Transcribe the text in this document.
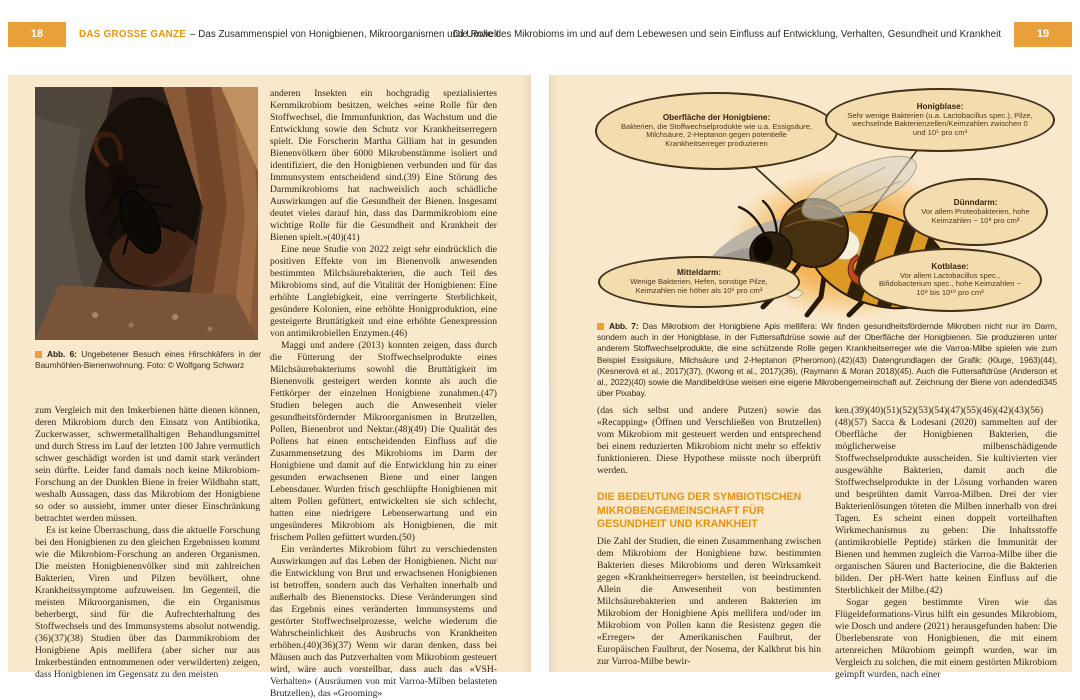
18	DAS GROSSE GANZE – Das Zusammenspiel von Honigbienen, Mikroorganismen und Umwelt
Die Rolle des Mikrobioms im und auf dem Lebewesen und sein Einfluss auf Entwicklung, Verhalten, Gesundheit und Krankheit	19
Abb. 6: Ungebetener Besuch eines Hirschkäfers in der Baumhöhlen-Bienenwohnung. Foto: © Wolfgang Schwarz

zum Vergleich mit den Imkerbienen hätte dienen können, deren Mikrobiom durch den Einsatz von Antibiotika, Zuckerwasser, schwermetallhaltigen Behandlungsmittel und durch Stress im Lauf der letzten 100 Jahre vermutlich schwer geschädigt worden ist und damit stark verändert sein dürfte. Leider fand damals noch keine Mikrobiom-Forschung an der Dunklen Biene in freier Wildbahn statt, weshalb Aussagen, dass das Mikrobiom der Honigbiene so oder so aussieht, immer unter dieser Einschränkung betrachtet werden müssen.

Es ist keine Überraschung, dass die aktuelle Forschung bei den Honigbienen zu den gleichen Ergebnissen kommt wie die Mikrobiom-Forschung an anderen Organismen. Die meisten Honigbienenvölker sind mit zahlreichen Bakterien, Viren und Pilzen bevölkert, ohne Krankheitssymptome aufzuweisen. Im Gegenteil, die meisten Mikroorganismen, die ein Organismus beherbergt, sind für die Aufrechterhaltung des Stoffwechsels und des Immunsystems absolut notwendig.(36)(37)(38) Studien über das Darmmikrobiom der Honigbiene Apis mellifera (aber sicher nur aus Imkerbeständen entnommenen oder verwilderten) zeigen, dass Honigbienen im Gegensatz zu den meisten

anderen Insekten ein hochgradig spezialisiertes Kernmikrobiom besitzen, welches «eine Rolle für den Stoffwechsel, die Immunfunktion, das Wachstum und die Entwicklung sowie den Schutz vor Krankheitserregern spielt. Die Forscherin Martha Gilliam hat in gesunden Bienenvölkern über 6000 Mikrobenstämme isoliert und identifiziert, die den Honigbienen verbunden und für das Immunsystem entscheidend sind.(39) Eine Störung des Darmmikrobioms hat nachweislich auch schädliche Auswirkungen auf die Gesundheit der Bienen. Insgesamt deutet vieles darauf hin, dass das Darmmikrobiom eine wichtige Rolle für die Gesundheit und Krankheit der Bienen spielt.»(40)(41)

Eine neue Studie von 2022 zeigt sehr eindrücklich die positiven Effekte von im Bienenvolk anwesenden bestimmten Milchsäurebakterien, die auch Teil des Mikrobioms sind, auf die Vitalität der Honigbienen: Eine erhöhte Langlebigkeit, eine verringerte Sterblichkeit, gesündere Kolonien, eine erhöhte Honigproduktion, eine gesteigerte Bruttätigkeit und eine erhöhte Genexpression von antimikrobiellen Enzymen.(46)

Maggi und andere (2013) konnten zeigen, dass durch die Fütterung der Stoffwechselprodukte eines Milchsäurebakteriums sowohl die Bruttätigkeit im Bienenvolk gesteigert werden konnte als auch die Fettkörper der einzelnen Honigbiene zunahmen.(47) Studien belegen auch die Anwesenheit vieler gesundheitsfördernder Mikroorganismen in Brutzellen, Pollen, Bienenbrot und Nektar.(48)(49) Die Qualität des Pollens hat einen entscheidenden Einfluss auf die Zusammensetzung des Mikrobioms im Darm der Honigbiene und damit auf die Entwicklung hin zu einer gesunden erwachsenen Biene und einer langen Lebensdauer. Wurden frisch geschlüpfte Honigbienen mit altem Pollen gefüttert, entwickelten sie sich schlecht, hatten eine niedrigere Lebenserwartung und ein ungesünderes Mikrobiom als Honigbienen, die mit frischem Pollen gefüttert wurden.(50)

Ein verändertes Mikrobiom führt zu verschiedensten Auswirkungen auf das Leben der Honigbienen. Nicht nur die Entwicklung von Brut und erwachsenen Honigbienen ist betroffen, sondern auch das Verhalten innerhalb und außerhalb des Bienenstocks. Diese Veränderungen sind das Ergebnis eines veränderten Immunsystems und gestörter Stoffwechselprozesse, welche wiederum die Wahrscheinlichkeit des Ausbruchs von Krankheiten erhöhen.(40)(36)(37) Wenn wir daran denken, dass bei Mäusen auch das Putzverhalten vom Mikrobiom gesteuert wird, wäre auch vorstellbar, dass auch das «VSH-Verhalten» (Ausräumen von mit Varroa-Milben belasteten Brutzellen), das «Grooming»

Oberfläche der Honigbiene:
Bakterien, die Stoffwechselprodukte wie u.a. Essigsäure, Milchsäure, 2-Heptanon gegen potentielle Krankheitserreger produzieren
Honigblase:
Sehr wenige Bakterien (u.a. Lactobacillus spec.), Pilze, wechselnde Bakterienzellen/Keimzahlen zwischen 0 und 10⁵ pro cm³
Dünndarm:
Vor allem Proteobakterien, hohe Keimzahlen ~ 10⁸ pro cm³
Mitteldarm:
Wenige Bakterien, Hefen, sonstige Pilze, Keimzahlen nie höher als 10⁶ pro cm³
Kotblase:
Vor allem Lactobacillus spec., Bifidobacterium spec., hohe Keimzahlen ~ 10⁸ bis 10¹⁰ pro cm³
Abb. 7: Das Mikrobiom der Honigbiene Apis mellifera: Wir finden gesundheitsfördernde Mikroben nicht nur im Darm, sondern auch in der Honigblase, in der Futtersaftdrüse sowie auf der Oberfläche der Honigbienen. Sie produzieren unter anderem Stoffwechselprodukte, die eine schützende Rolle gegen Krankheitserreger wie die Varroa-Milbe spielen wie zum Beispiel Essigsäure, Milchsäure und 2-Heptanon (Pheromon).(42)(43) Datengrundlagen der Grafik: (Kluge, 1963)(44), (Kesnerová et al., 2017)(37), (Kwong et al., 2017)(36), (Raymann & Moran 2018)(45). Auch die Futtersaftdrüse (Anderson et al., 2022)(40) sowie die Mandibeldrüse weisen eine eigene Mikrobengemeinschaft auf. Zeichnung der Biene von adendedi345 über Pixabay.

(das sich selbst und andere Putzen) sowie das «Recapping» (Öffnen und Verschließen von Brutzellen) vom Mikrobiom mit gesteuert werden und entsprechend bei einem reduzierten Mikrobiom nicht mehr so effektiv funktionieren. Diese Hypothese müsste noch überprüft werden.

DIE BEDEUTUNG DER SYMBIOTISCHEN MIKROBENGEMEINSCHAFT FÜR GESUNDHEIT UND KRANKHEIT

Die Zahl der Studien, die einen Zusammenhang zwischen dem Mikrobiom der Honigbiene bzw. bestimmten Bakterien dieses Mikrobioms und deren Wirksamkeit gegen «Krankheitserreger» herstellen, ist beeindruckend. Allein die Anwesenheit von bestimmten Milchsäurebakterien und anderen Bakterien im Mikrobiom der Honigbiene Apis mellifera und/oder im Mikrobiom von Pollen kann die Resistenz gegen die «Erreger» der Amerikanischen Faulbrut, der Europäischen Faulbrut, der Nosema, der Kalkbrut bis hin zur Varroa-Milbe bewir-

ken.(39)(40)(51)(52)(53)(54)(47)(55)(46)(42)(43)(56)(48)(57) Sacca & Lodesani (2020) sammelten auf der Oberfläche der Honigbienen Bakterien, die möglicherweise milbenschädigende Stoffwechselprodukte ausscheiden. Sie kultivierten vier ausgewählte Bakterien, damit auch die Stoffwechselprodukte in der Lösung vorhanden waren und besprühten damit Varroa-Milben. Drei der vier Bakterienlösungen töteten die Milben innerhalb von drei Tagen. Es scheint einen doppelt vorteilhaften Wirkmechanismus zu geben: Die Inhaltsstoffe (antimikrobielle Peptide) stärken die Immunität der Bienen und hemmen zugleich die Varroa-Milbe über die organischen Säuren und Bacteriocine, die die Bakterien bilden. Der pH-Wert hatte keinen Einfluss auf die Sterblichkeit der Milbe.(42)

Sogar gegen bestimmte Viren wie das Flügeldeformations-Virus hilft ein gesundes Mikrobiom, wie Dosch und andere (2021) herausgefunden haben: Die Überlebensrate von Honigbienen, die mit einem artenreichen Mikrobiom geimpft wurden, war im Vergleich zu solchen, die mit einem gestörten Mikrobiom geimpft wurden, nach einer
